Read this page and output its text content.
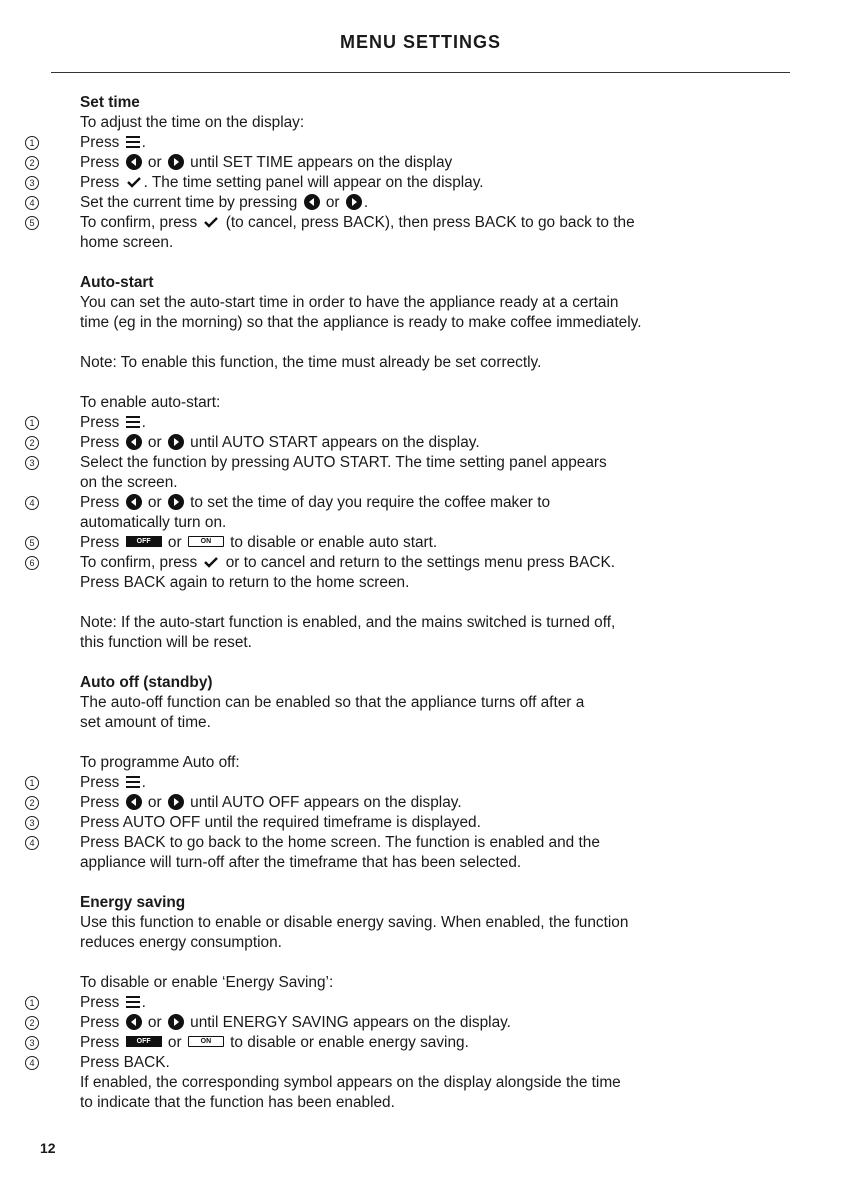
MENU SETTINGS
Set time
To adjust the time on the display:
1	Press .
2	Press or until SET TIME appears on the display
3	Press . The time setting panel will appear on the display.
4	Set the current time by pressing or .
5	To confirm, press (to cancel, press BACK), then press BACK to go back to the
home screen.
Auto-start
You can set the auto-start time in order to have the appliance ready at a certain
time (eg in the morning) so that the appliance is ready to make coffee immediately.
Note: To enable this function, the time must already be set correctly.
To enable auto-start:
1	Press .
2	Press or until AUTO START appears on the display.
3	Select the function by pressing AUTO START. The time setting panel appears
on the screen.
4	Press or to set the time of day you require the coffee maker to
automatically turn on.
5	Press OFF or	ON to disable or enable auto start.
6	To confirm, press or to cancel and return to the settings menu press BACK.
Press BACK again to return to the home screen.
Note: If the auto-start function is enabled, and the mains switched is turned off,
this function will be reset.
Auto off (standby)
The auto-off function can be enabled so that the appliance turns off after a
set amount of time.
To programme Auto off:
1	Press .
2	Press or until AUTO OFF appears on the display.
3	Press AUTO OFF until the required timeframe is displayed.
4	Press BACK to go back to the home screen. The function is enabled and the
appliance will turn-off after the timeframe that has been selected.
Energy saving
Use this function to enable or disable energy saving. When enabled, the function
reduces energy consumption.
To disable or enable ‘Energy Saving’:
1	Press .
2	Press or until ENERGY SAVING appears on the display.
3	Press OFF or	ON to disable or enable energy saving.
4	Press BACK.
If enabled, the corresponding symbol appears on the display alongside the time
to indicate that the function has been enabled.
12
